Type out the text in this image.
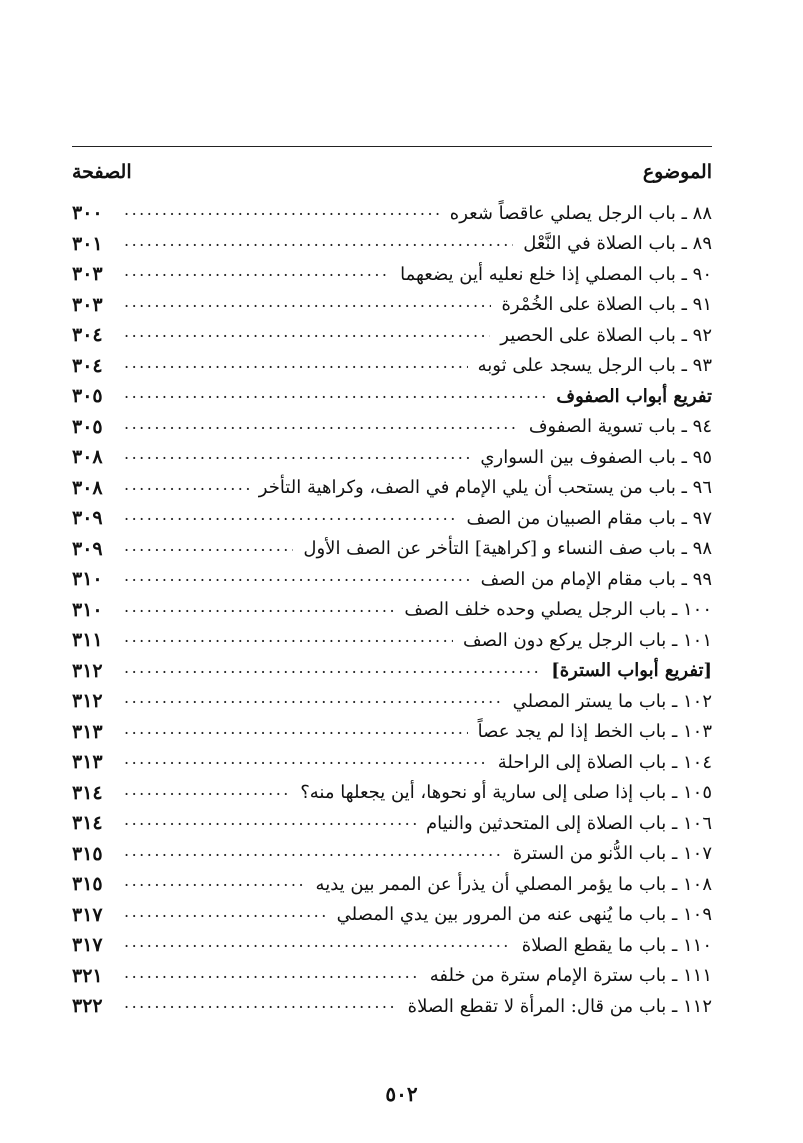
الموضوع
الصفحة
٨٨ ـ باب الرجل يصلي عاقصاً شعره
.....
٣٠٠
٨٩ ـ باب الصلاة في النَّعْل
.....
٣٠١
٩٠ ـ باب المصلي إذا خلع نعليه أين يضعهما
.....
٣٠٣
٩١ ـ باب الصلاة على الخُمْرة
.....
٣٠٣
٩٢ ـ باب الصلاة على الحصير
.....
٣٠٤
٩٣ ـ باب الرجل يسجد على ثوبه
.....
٣٠٤
تفريع أبواب الصفوف
.....
٣٠٥
٩٤ ـ باب تسوية الصفوف
.....
٣٠٥
٩٥ ـ باب الصفوف بين السواري
.....
٣٠٨
٩٦ ـ باب من يستحب أن يلي الإمام في الصف، وكراهية التأخر
.....
٣٠٨
٩٧ ـ باب مقام الصبيان من الصف
.....
٣٠٩
٩٨ ـ باب صف النساء و [كراهية] التأخر عن الصف الأول
.....
٣٠٩
٩٩ ـ باب مقام الإمام من الصف
.....
٣١٠
١٠٠ ـ باب الرجل يصلي وحده خلف الصف
.....
٣١٠
١٠١ ـ باب الرجل يركع دون الصف
.....
٣١١
[تفريع أبواب السترة]
.....
٣١٢
١٠٢ ـ باب ما يستر المصلي
.....
٣١٢
١٠٣ ـ باب الخط إذا لم يجد عصاً
.....
٣١٣
١٠٤ ـ باب الصلاة إلى الراحلة
.....
٣١٣
١٠٥ ـ باب إذا صلى إلى سارية أو نحوها، أين يجعلها منه؟
.....
٣١٤
١٠٦ ـ باب الصلاة إلى المتحدثين والنيام
.....
٣١٤
١٠٧ ـ باب الدُّنو من السترة
.....
٣١٥
١٠٨ ـ باب ما يؤمر المصلي أن يذرأ عن الممر بين يديه
.....
٣١٥
١٠٩ ـ باب ما يُنهى عنه من المرور بين يدي المصلي
.....
٣١٧
١١٠ ـ باب ما يقطع الصلاة
.....
٣١٧
١١١ ـ باب سترة الإمام سترة من خلفه
.....
٣٢١
١١٢ ـ باب من قال: المرأة لا تقطع الصلاة
.....
٣٢٢
٥٠٢
